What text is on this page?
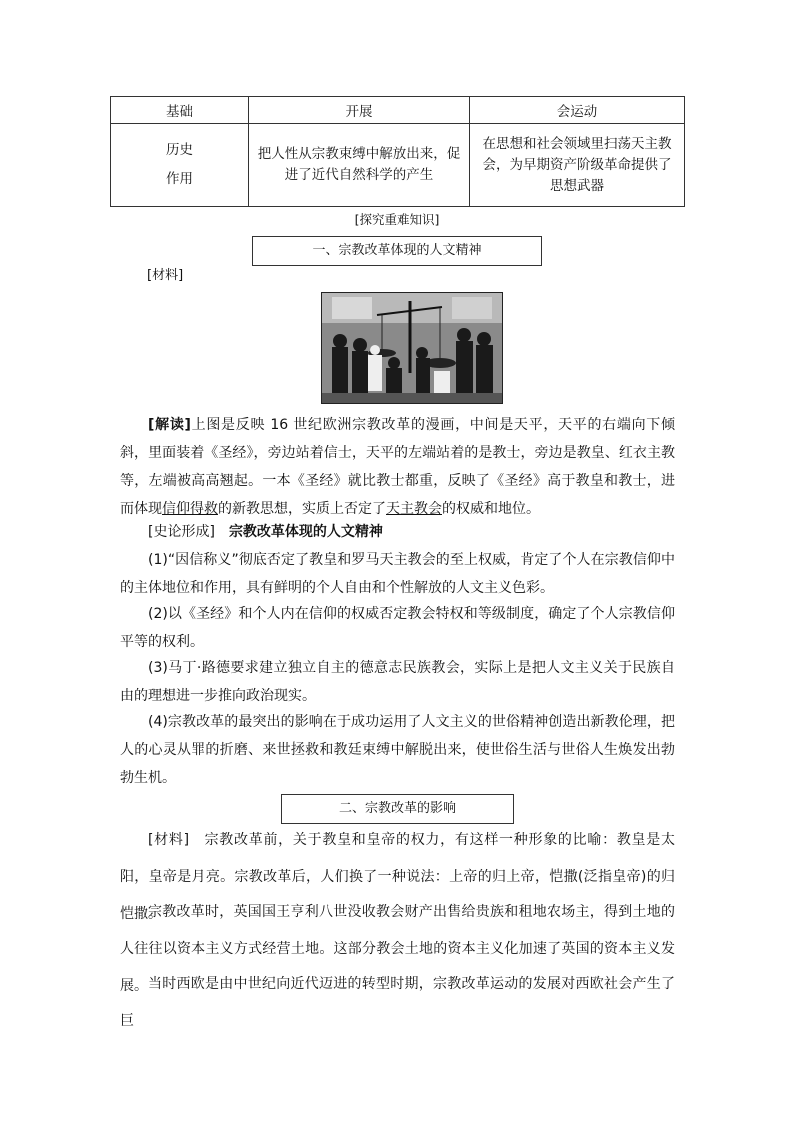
基础	开展	会运动

历史
作用	把人性从宗教束缚中解放出来，促进了近代自然科学的产生	在思想和社会领域里扫荡天主教会，为早期资产阶级革命提供了思想武器
[探究重难知识]
一、宗教改革体现的人文精神
[材料]
[解读]上图是反映 16 世纪欧洲宗教改革的漫画，中间是天平，天平的右端向下倾斜，里面装着《圣经》，旁边站着信士，天平的左端站着的是教士，旁边是教皇、红衣主教等，左端被高高翘起。一本《圣经》就比教士都重，反映了《圣经》高于教皇和教士，进而体现信仰得救的新教思想，实质上否定了天主教会的权威和地位。
[史论形成]　 宗教改革体现的人文精神
(1)“因信称义”彻底否定了教皇和罗马天主教会的至上权威，肯定了个人在宗教信仰中的主体地位和作用，具有鲜明的个人自由和个性解放的人文主义色彩。
(2)以《圣经》和个人内在信仰的权威否定教会特权和等级制度，确定了个人宗教信仰平等的权利。
(3)马丁·路德要求建立独立自主的德意志民族教会，实际上是把人文主义关于民族自由的理想进一步推向政治现实。
(4)宗教改革的最突出的影响在于成功运用了人文主义的世俗精神创造出新教伦理，把人的心灵从罪的折磨、来世拯救和教廷束缚中解脱出来，使世俗生活与世俗人生焕发出勃勃生机。
二、宗教改革的影响
[材料]　 宗教改革前，关于教皇和皇帝的权力，有这样一种形象的比喻：教皇是太阳，皇帝是月亮。宗教改革后，人们换了一种说法：上帝的归上帝，恺撒(泛指皇帝)的归恺撒。
宗教改革时，英国国王亨利八世没收教会财产出售给贵族和租地农场主，得到土地的人往往以资本主义方式经营土地。这部分教会土地的资本主义化加速了英国的资本主义发展。 当时西欧是由中世纪向近代迈进的转型时期，宗教改革运动的发展对西欧社会产生了巨
